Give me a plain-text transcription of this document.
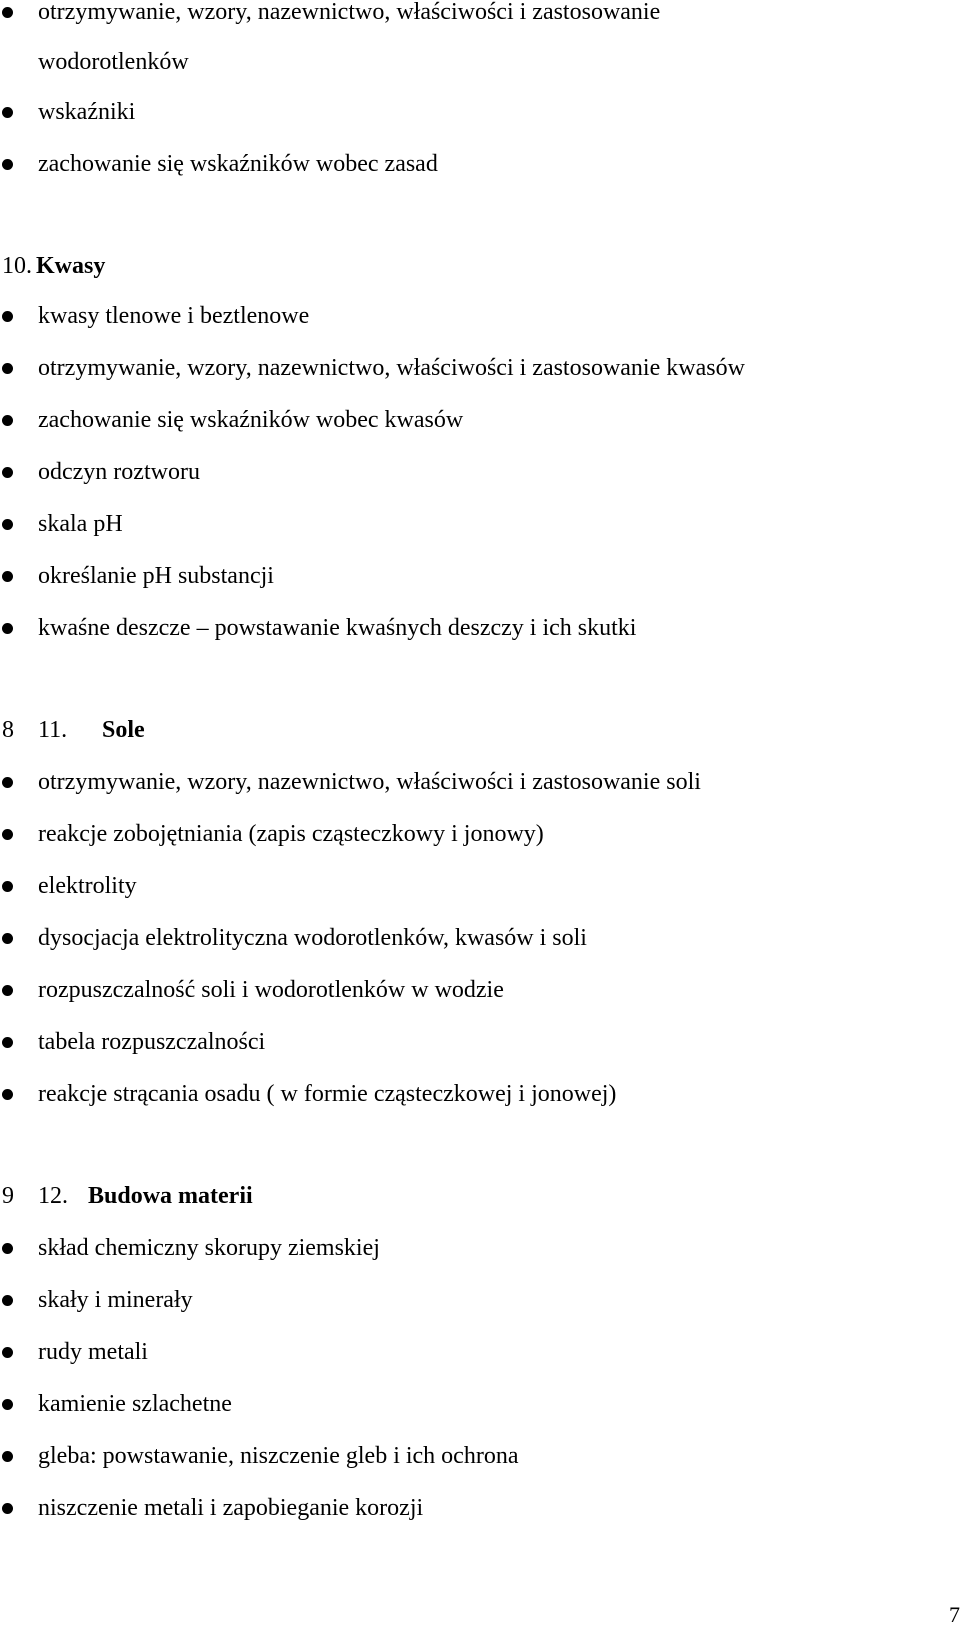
otrzymywanie, wzory, nazewnictwo, właściwości i zastosowanie
wodorotlenków
wskaźniki
zachowanie się wskaźników wobec zasad
10. Kwasy
kwasy tlenowe i beztlenowe
otrzymywanie, wzory, nazewnictwo, właściwości i zastosowanie kwasów
zachowanie się wskaźników wobec kwasów
odczyn roztworu
skala pH
określanie pH substancji
kwaśne deszcze – powstawanie kwaśnych deszczy i ich skutki
8 11. Sole
otrzymywanie, wzory, nazewnictwo, właściwości i zastosowanie soli
reakcje zobojętniania (zapis cząsteczkowy i jonowy)
elektrolity
dysocjacja elektrolityczna wodorotlenków, kwasów i soli
rozpuszczalność soli i wodorotlenków w wodzie
tabela rozpuszczalności
reakcje strącania osadu ( w formie cząsteczkowej i jonowej)
9 12. Budowa materii
skład chemiczny skorupy ziemskiej
skały i minerały
rudy metali
kamienie szlachetne
gleba: powstawanie, niszczenie gleb i ich ochrona
niszczenie metali i zapobieganie korozji
7
